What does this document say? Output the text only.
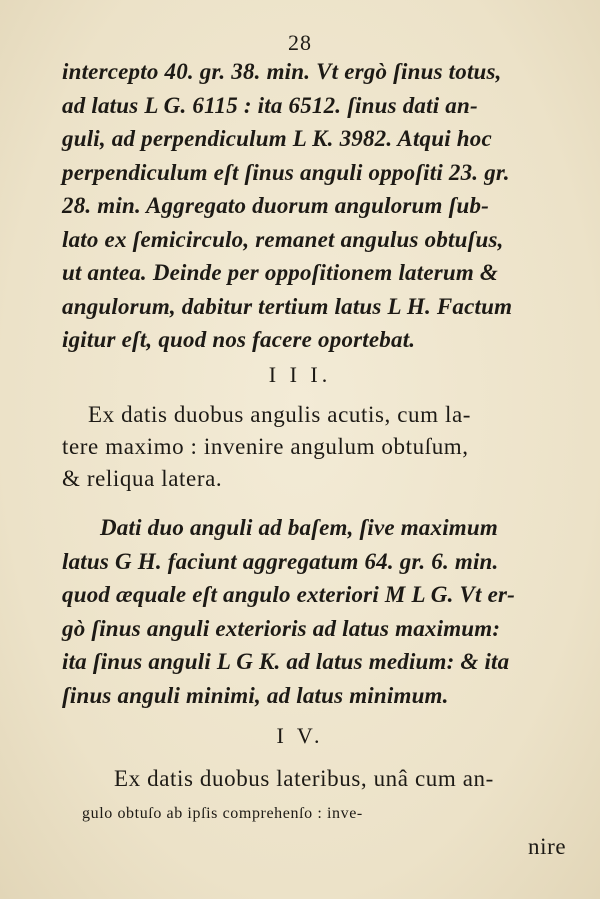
28
intercepto 40. gr. 38. min. Vt ergò ſinus totus,
ad latus L G. 6115 : ita 6512. ſinus dati an-
guli, ad perpendiculum L K. 3982. Atqui hoc
perpendiculum eſt ſinus anguli oppoſiti 23. gr.
28. min. Aggregato duorum angulorum ſub-
lato ex ſemicirculo, remanet angulus obtuſus,
ut antea. Deinde per oppoſitionem laterum &
angulorum, dabitur tertium latus L H. Factum
igitur eſt, quod nos facere oportebat.
I I I.
Ex datis duobus angulis acutis, cum la-
tere maximo : invenire angulum obtuſum,
& reliqua latera.
Dati duo anguli ad baſem, ſive maximum
latus G H. faciunt aggregatum 64. gr. 6. min.
quod æquale eſt angulo exteriori M L G. Vt er-
gò ſinus anguli exterioris ad latus maximum:
ita ſinus anguli L G K. ad latus medium: & ita
ſinus anguli minimi, ad latus minimum.
I V.
Ex datis duobus lateribus, unâ cum an-
gulo obtuſo ab ipſis comprehenſo : inve-
nire
